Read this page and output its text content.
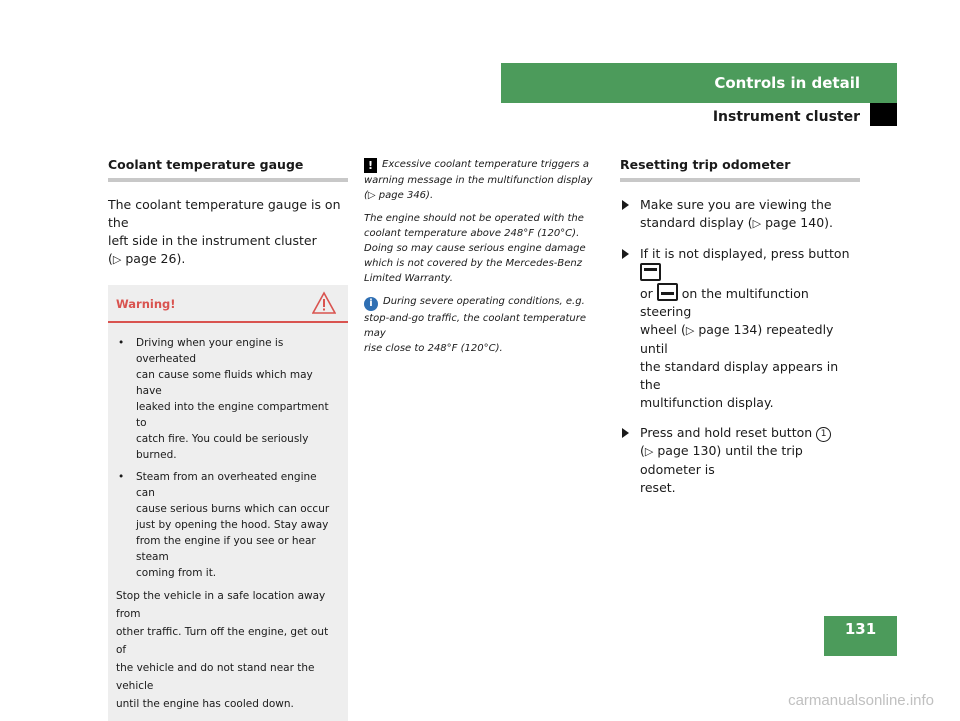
Controls in detail
Instrument cluster
Coolant temperature gauge

The coolant temperature gauge is on the
left side in the instrument cluster
(▷ page 26).

Warning!
• Driving when your engine is overheated
can cause some fluids which may have
leaked into the engine compartment to
catch fire. You could be seriously
burned.
• Steam from an overheated engine can
cause serious burns which can occur
just by opening the hood. Stay away
from the engine if you see or hear steam
coming from it.

Stop the vehicle in a safe location away from
other traffic. Turn off the engine, get out of
the vehicle and do not stand near the vehicle
until the engine has cooled down.

! Excessive coolant temperature triggers a
warning message in the multifunction display
(▷ page 346).

The engine should not be operated with the
coolant temperature above 248°F (120°C).
Doing so may cause serious engine damage
which is not covered by the Mercedes-Benz
Limited Warranty.

i During severe operating conditions, e.g.
stop-and-go traffic, the coolant temperature may
rise close to 248°F (120°C).

Resetting trip odometer
Make sure you are viewing the
standard display (▷ page 140).
If it is not displayed, press button
or on the multifunction steering
wheel (▷ page 134) repeatedly until
the standard display appears in the
multifunction display.
Press and hold reset button 1
(▷ page 130) until the trip odometer is
reset.
131
carmanualsonline.info
